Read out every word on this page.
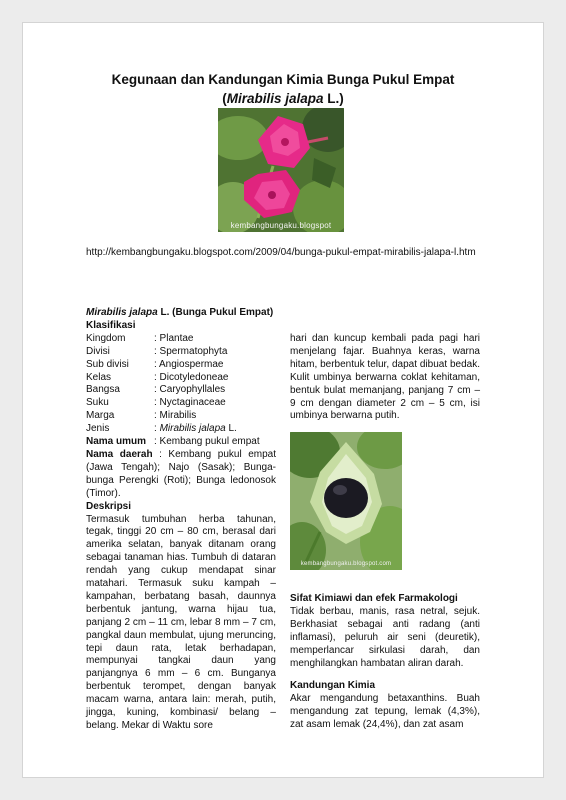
Kegunaan dan Kandungan Kimia Bunga Pukul Empat
(Mirabilis jalapa L.)
kembangbungaku.blogspot
http://kembangbungaku.blogspot.com/2009/04/bunga-pukul-empat-mirabilis-jalapa-l.htm
Mirabilis jalapa L. (Bunga Pukul Empat)
Klasifikasi
Kingdom	: Plantae
Divisi	: Spermatophyta
Sub divisi	: Angiospermae
Kelas	: Dicotyledoneae
Bangsa	: Caryophyllales
Suku	: Nyctaginaceae
Marga	: Mirabilis
Jenis	: Mirabilis jalapa L.
Nama umum : Kembang pukul empat
Nama daerah : Kembang pukul empat (Jawa Tengah); Najo (Sasak); Bunga-bunga Perengki (Roti); Bunga ledonosok (Timor).
Deskripsi
Termasuk tumbuhan herba tahunan, tegak, tinggi 20 cm – 80 cm, berasal dari amerika selatan, banyak ditanam orang sebagai tanaman hias. Tumbuh di dataran rendah yang cukup mendapat sinar matahari. Termasuk suku kampah – kampahan, berbatang basah, daunnya berbentuk jantung, warna hijau tua, panjang 2 cm – 11 cm, lebar 8 mm – 7 cm, pangkal daun membulat, ujung meruncing, tepi daun rata, letak berhadapan, mempunyai tangkai daun yang panjangnya 6 mm – 6 cm. Bunganya berbentuk terompet, dengan banyak macam warna, antara lain: merah, putih, jingga, kuning, kombinasi/ belang – belang. Mekar di Waktu sore
hari dan kuncup kembali pada pagi hari menjelang fajar. Buahnya keras, warna hitam, berbentuk telur, dapat dibuat bedak. Kulit umbinya berwarna coklat kehitaman, bentuk bulat memanjang, panjang 7 cm – 9 cm dengan diameter 2 cm – 5 cm, isi umbinya berwarna putih.
kembangbungaku.blogspot.com
Sifat Kimiawi dan efek Farmakologi
Tidak berbau, manis, rasa netral, sejuk. Berkhasiat sebagai anti radang (anti inflamasi), peluruh air seni (deuretik), memperlancar sirkulasi darah, dan menghilangkan hambatan aliran darah.
Kandungan Kimia
Akar mengandung betaxanthins. Buah mengandung zat tepung, lemak (4,3%), zat asam lemak (24,4%), dan zat asam
